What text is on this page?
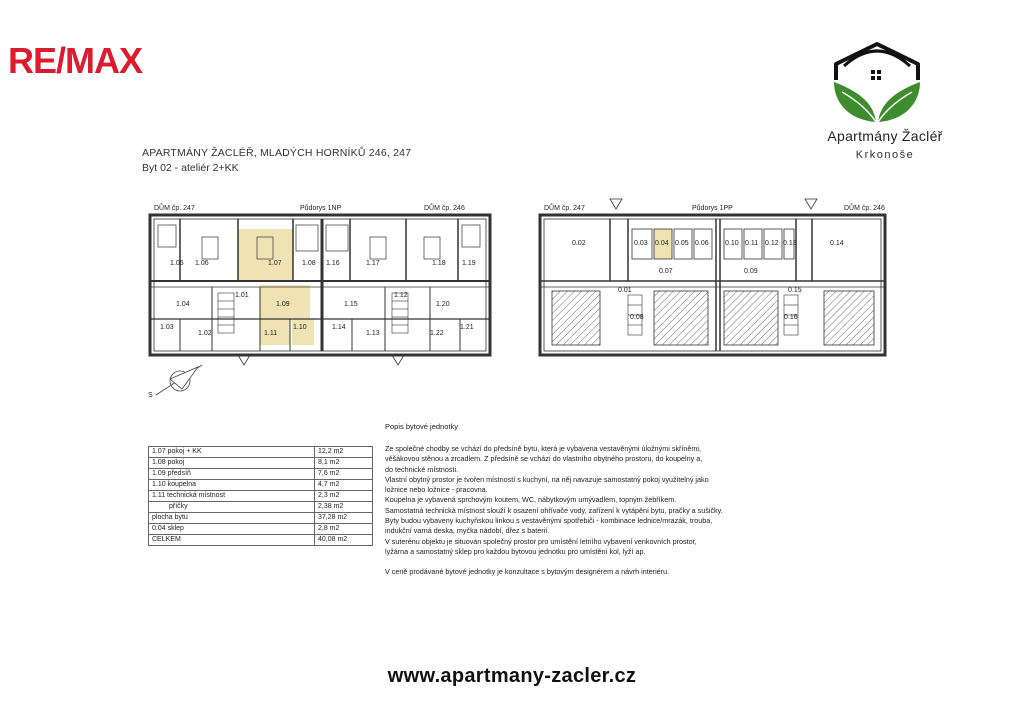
RE/MAX
Apartmány Žacléř
Krkonoše
APARTMÁNY ŽACLÉŘ, MLADÝCH HORNÍKŮ 246, 247
Byt 02 - ateliér 2+KK
DŮM čp. 247	Půdorys 1NP	DŮM čp. 246
1.05 1.06	1.07	1.08 1.16	1.17	1.18 1.19
1.04
1.01
1.09	1.15
1.12
1.20
1.03
1.02	1.11
1.10	1.14
1.13	1.22
1.21
S
DŮM čp. 247	Půdorys 1PP	DŮM čp. 246
0.02	0.03 0.04 0.05 0.06 0.10 0.11 0.12 0.13	0.14
0.07	0.09
0.01	0.15
0.08	0.16
1.07 pokoj + KK	12,2 m2
1.08 pokoj	8,1 m2
1.09 předsíň	7,6 m2
1.10 koupelna	4,7 m2
1.11 technická místnost	2,3 m2
příčky	2,38 m2
plocha bytu	37,28 m2
0.04 sklep	2,8 m2
CELKEM	40,08 m2
Popis bytové jednotky

Ze společné chodby se vchází do předsíně bytu, která je vybavena vestavěnými úložnými skříněmi,

věšákovou stěnou a zrcadlem. Z předsíně se vchází do vlastního obytného prostoru, do koupelny a,

do technické místnosti.

Vlastní obytný prostor je tvořen místností s kuchyní, na něj navazuje samostatný pokoj využitelný jako

ložnice nebo ložnice - pracovna.

Koupelna je vybavená sprchovým koutem, WC, nábytkovým umývadlem, topným žebříkem.

Samostatná technická místnost slouží k osazení ohřívače vody, zařízení k vytápění bytu, pračky a sušičky.

Byty budou vybaveny kuchyňskou linkou s vestavěnými spotřebiči - kombinace lednice/mrazák, trouba,

indukční varná deska, myčka nádobí, dřez s baterií.

V suterénu objektu je situován společný prostor pro umístění letního vybavení venkovních prostor,

lyžárna a samostatný sklep pro každou bytovou jednotku pro umístění kol, lyží ap.

V ceně prodávané bytové jednotky je konzultace s bytovým designérem a návrh interiéru.

www.apartmany-zacler.cz
